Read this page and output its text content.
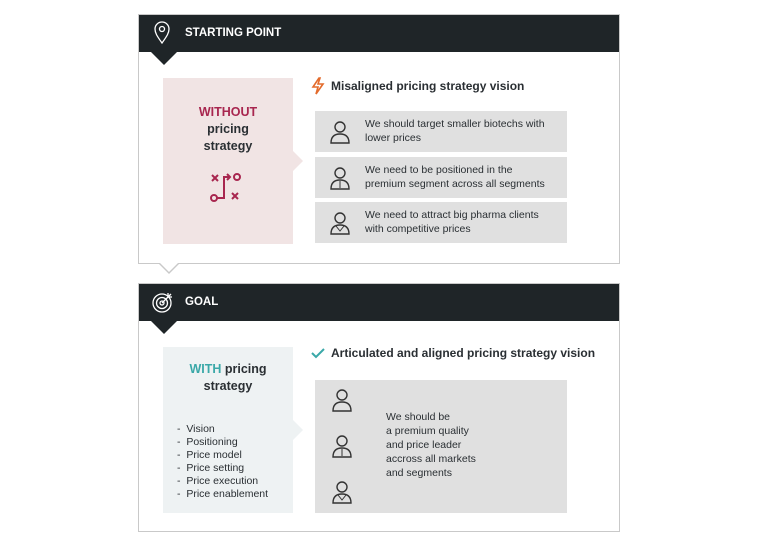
STARTING POINT
WITHOUT
pricing
strategy
Misaligned pricing strategy vision
We should target smaller biotechs with
lower prices
We need to be positioned in the
premium segment across all segments
We need to attract big pharma clients
with competitive prices
GOAL
WITH pricing
strategy
- Vision
- Positioning
- Price model
- Price setting
- Price execution
- Price enablement
Articulated and aligned pricing strategy vision
We should be
a premium quality
and price leader
accross all markets
and segments
